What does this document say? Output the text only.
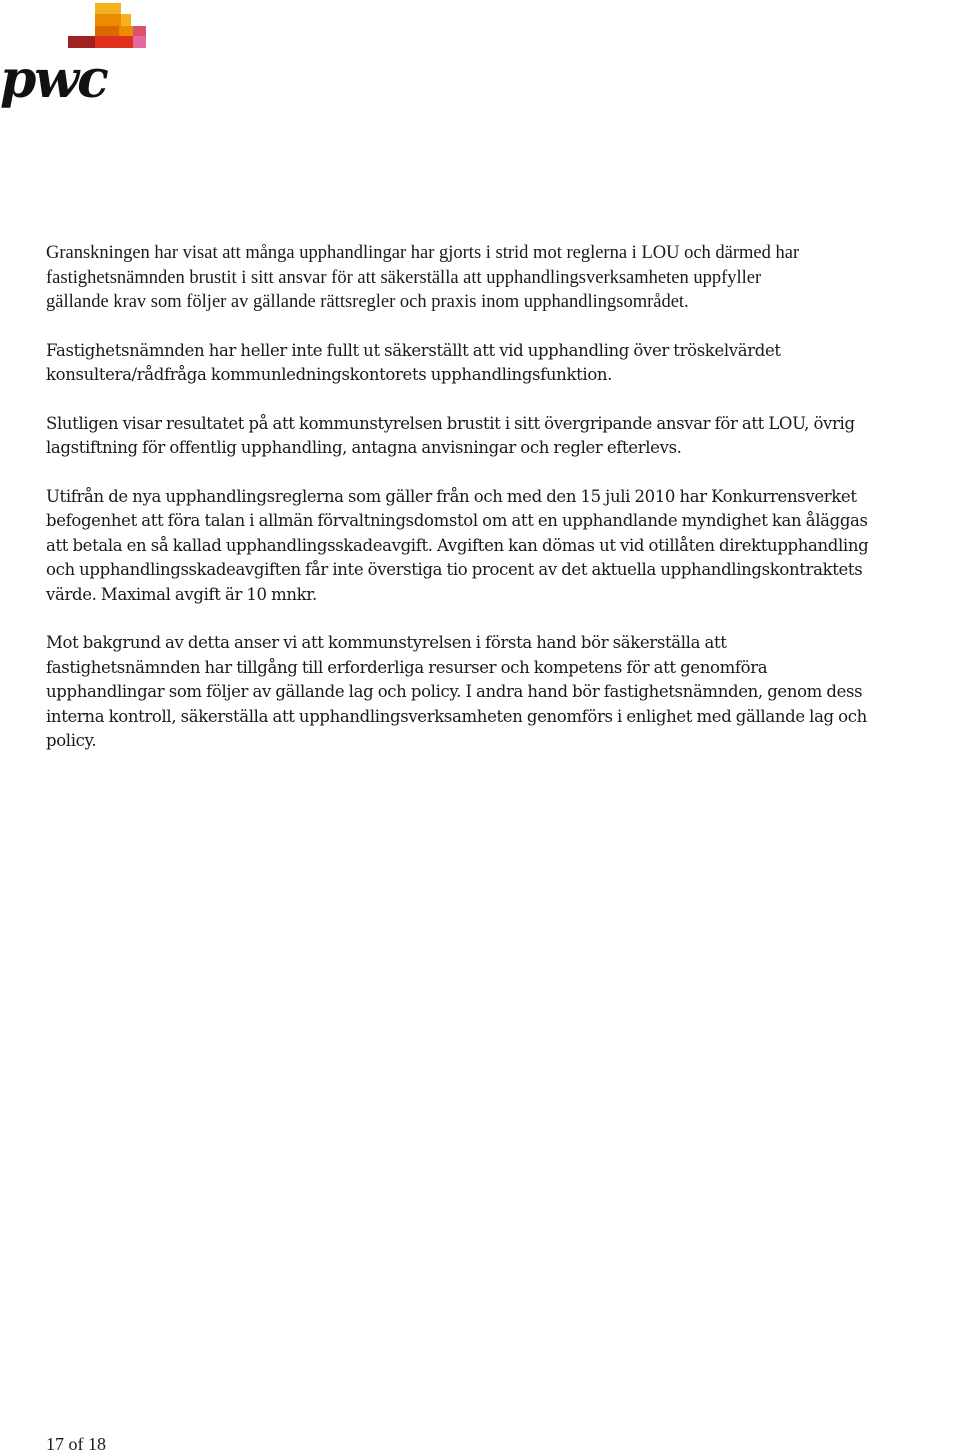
pwc

Granskningen har visat att många upphandlingar har gjorts i strid mot reglerna i LOU och därmed har
fastighetsnämnden brustit i sitt ansvar för att säkerställa att upphandlingsverksamheten uppfyller
gällande krav som följer av gällande rättsregler och praxis inom upphandlingsområdet.

Fastighetsnämnden har heller inte fullt ut säkerställt att vid upphandling över tröskelvärdet
konsultera/rådfråga kommunledningskontorets upphandlingsfunktion.

Slutligen visar resultatet på att kommunstyrelsen brustit i sitt övergripande ansvar för att LOU, övrig
lagstiftning för offentlig upphandling, antagna anvisningar och regler efterlevs.

Utifrån de nya upphandlingsreglerna som gäller från och med den 15 juli 2010 har Konkurrensverket
befogenhet att föra talan i allmän förvaltningsdomstol om att en upphandlande myndighet kan åläggas
att betala en så kallad upphandlingsskadeavgift. Avgiften kan dömas ut vid otillåten direktupphandling
och upphandlingsskadeavgiften får inte överstiga tio procent av det aktuella upphandlingskontraktets
värde. Maximal avgift är 10 mnkr.

Mot bakgrund av detta anser vi att kommunstyrelsen i första hand bör säkerställa att
fastighetsnämnden har tillgång till erforderliga resurser och kompetens för att genomföra
upphandlingar som följer av gällande lag och policy. I andra hand bör fastighetsnämnden, genom dess
interna kontroll, säkerställa att upphandlingsverksamheten genomförs i enlighet med gällande lag och
policy.

17 of 18
